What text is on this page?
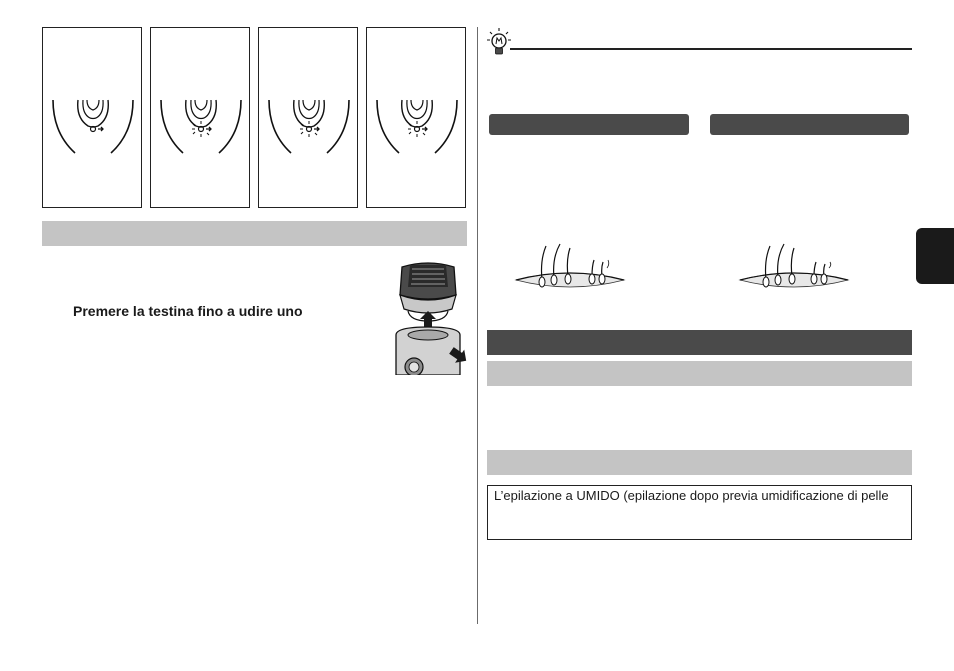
Premere la testina fino a udire uno
L’epilazione a UMIDO (epilazione dopo previa umidificazione di pelle
